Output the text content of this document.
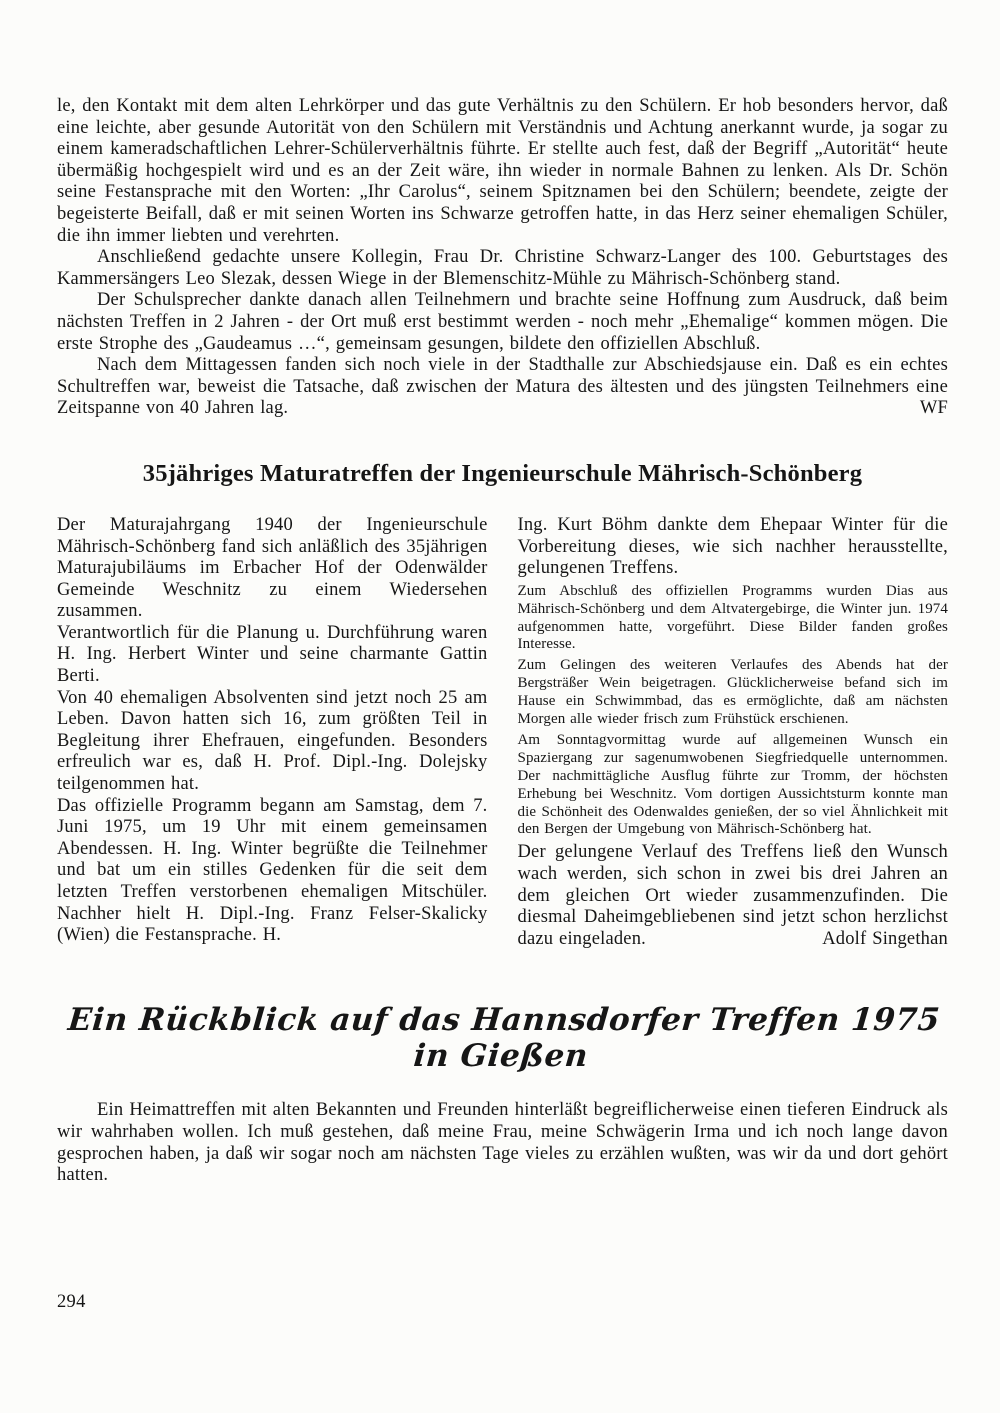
le, den Kontakt mit dem alten Lehrkörper und das gute Verhältnis zu den Schülern. Er hob besonders hervor, daß eine leichte, aber gesunde Autorität von den Schülern mit Verständnis und Achtung anerkannt wurde, ja sogar zu einem kameradschaftlichen Lehrer-Schülerverhältnis führte. Er stellte auch fest, daß der Begriff „Autorität“ heute übermäßig hochgespielt wird und es an der Zeit wäre, ihn wieder in normale Bahnen zu lenken. Als Dr. Schön seine Festansprache mit den Worten: „Ihr Carolus“, seinem Spitznamen bei den Schülern; beendete, zeigte der begeisterte Beifall, daß er mit seinen Worten ins Schwarze getroffen hatte, in das Herz seiner ehemaligen Schüler, die ihn immer liebten und verehrten.

Anschließend gedachte unsere Kollegin, Frau Dr. Christine Schwarz-Langer des 100. Geburtstages des Kammersängers Leo Slezak, dessen Wiege in der Blemenschitz-Mühle zu Mährisch-Schönberg stand.

Der Schulsprecher dankte danach allen Teilnehmern und brachte seine Hoffnung zum Ausdruck, daß beim nächsten Treffen in 2 Jahren - der Ort muß erst bestimmt werden - noch mehr „Ehemalige“ kommen mögen. Die erste Strophe des „Gaudeamus …“, gemeinsam gesungen, bildete den offiziellen Abschluß.

Nach dem Mittagessen fanden sich noch viele in der Stadthalle zur Abschiedsjause ein. Daß es ein echtes Schultreffen war, beweist die Tatsache, daß zwischen der Matura des ältesten und des jüngsten Teilnehmers eine Zeitspanne von 40 Jahren lag.	WF

35jähriges Maturatreffen der Ingenieurschule Mährisch-Schönberg

Der Maturajahrgang 1940 der Ingenieurschule Mährisch-Schönberg fand sich anläßlich des 35jährigen Maturajubiläums im Erbacher Hof der Odenwälder Gemeinde Weschnitz zu einem Wiedersehen zusammen.

Verantwortlich für die Planung u. Durchführung waren H. Ing. Herbert Winter und seine charmante Gattin Berti.

Von 40 ehemaligen Absolventen sind jetzt noch 25 am Leben. Davon hatten sich 16, zum größten Teil in Begleitung ihrer Ehefrauen, eingefunden. Besonders erfreulich war es, daß H. Prof. Dipl.-Ing. Dolejsky teilgenommen hat.

Das offizielle Programm begann am Samstag, dem 7. Juni 1975, um 19 Uhr mit einem gemeinsamen Abendessen. H. Ing. Winter begrüßte die Teilnehmer und bat um ein stilles Gedenken für die seit dem letzten Treffen verstorbenen ehemaligen Mitschüler. Nachher hielt H. Dipl.-Ing. Franz Felser-Skalicky (Wien) die Festansprache. H.

Ing. Kurt Böhm dankte dem Ehepaar Winter für die Vorbereitung dieses, wie sich nachher herausstellte, gelungenen Treffens.

Zum Abschluß des offiziellen Programms wurden Dias aus Mährisch-Schönberg und dem Altvatergebirge, die Winter jun. 1974 aufgenommen hatte, vorgeführt. Diese Bilder fanden großes Interesse.

Zum Gelingen des weiteren Verlaufes des Abends hat der Bergsträßer Wein beigetragen. Glücklicherweise befand sich im Hause ein Schwimmbad, das es ermöglichte, daß am nächsten Morgen alle wieder frisch zum Frühstück erschienen.

Am Sonntagvormittag wurde auf allgemeinen Wunsch ein Spaziergang zur sagenumwobenen Siegfriedquelle unternommen. Der nachmittägliche Ausflug führte zur Tromm, der höchsten Erhebung bei Weschnitz. Vom dortigen Aussichtsturm konnte man die Schönheit des Odenwaldes genießen, der so viel Ähnlichkeit mit den Bergen der Umgebung von Mährisch-Schönberg hat.

Der gelungene Verlauf des Treffens ließ den Wunsch wach werden, sich schon in zwei bis drei Jahren an dem gleichen Ort wieder zusammenzufinden. Die diesmal Daheimgebliebenen sind jetzt schon herzlichst dazu eingeladen.	Adolf Singethan

Ein Rückblick auf das Hannsdorfer Treffen 1975 in Gießen

Ein Heimattreffen mit alten Bekannten und Freunden hinterläßt begreiflicherweise einen tieferen Eindruck als wir wahrhaben wollen. Ich muß gestehen, daß meine Frau, meine Schwägerin Irma und ich noch lange davon gesprochen haben, ja daß wir sogar noch am nächsten Tage vieles zu erzählen wußten, was wir da und dort gehört hatten.

294
